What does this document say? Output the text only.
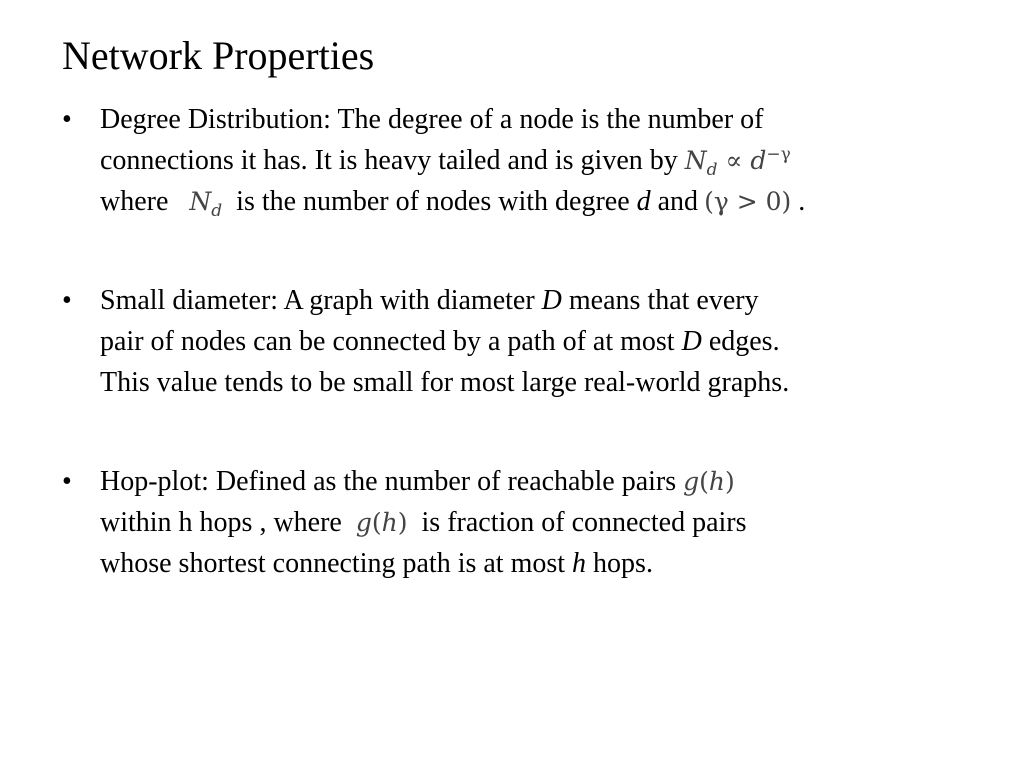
Network Properties
•	Degree Distribution: The degree of a node is the number of
connections it has. It is heavy tailed and is given by $N_d \propto d^{-\gamma}$
where $N_d$ is the number of nodes with degree d and (γ > 0) .
•	Small diameter: A graph with diameter D means that every
pair of nodes can be connected by a path of at most D edges.
This value tends to be small for most large real-world graphs.
•	Hop-plot: Defined as the number of reachable pairs g(h)
within h hops , where g(h) is fraction of connected pairs
whose shortest connecting path is at most h hops.
